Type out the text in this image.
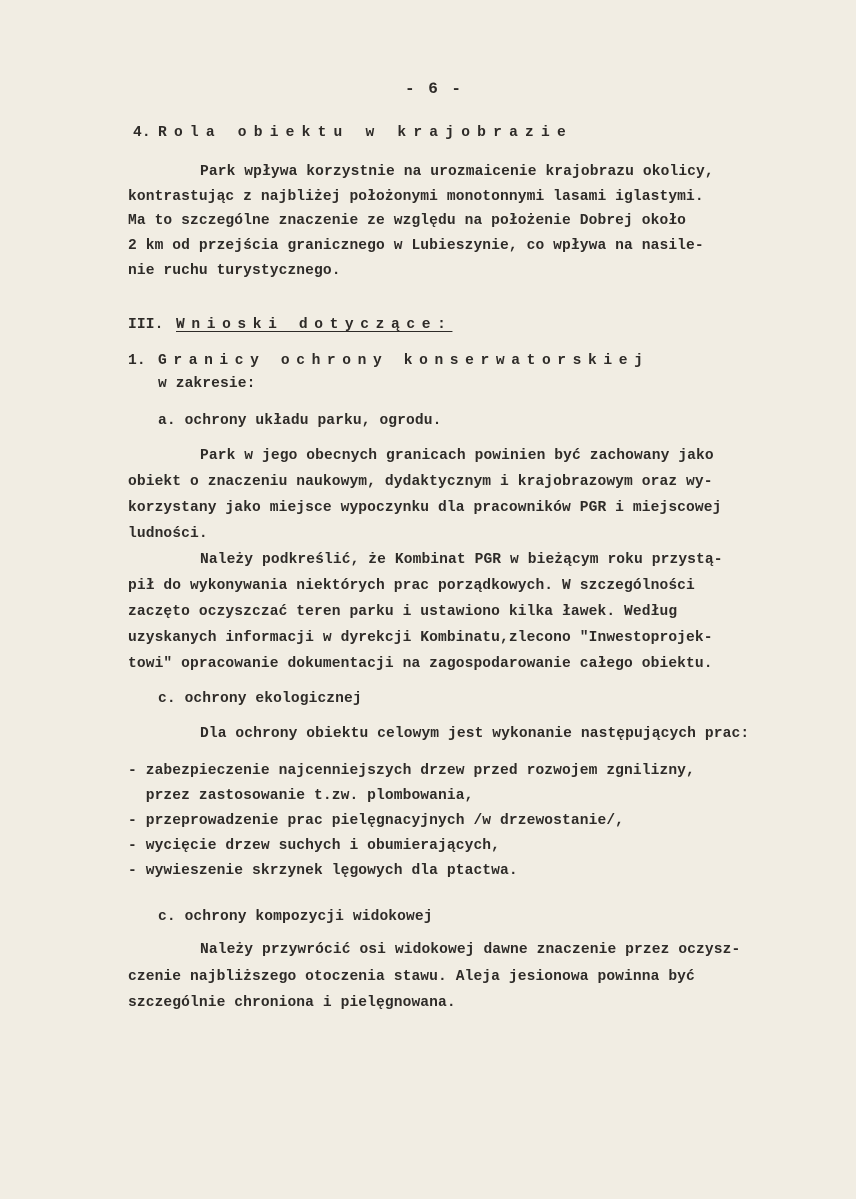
- 6 -
4. Rola obiektu w krajobrazie
Park wpływa korzystnie na urozmaicenie krajobrazu okolicy,
kontrastując z najbliżej położonymi monotonnymi lasami iglastymi.
Ma to szczególne znaczenie ze względu na położenie Dobrej około
2 km od przejścia granicznego w Lubieszynie, co wpływa na nasile-
nie ruchu turystycznego.
III. Wnioski dotyczące:
1. Granicy ochrony konserwatorskiej
w zakresie:
a. ochrony układu parku, ogrodu.
Park w jego obecnych granicach powinien być zachowany jako
obiekt o znaczeniu naukowym, dydaktycznym i krajobrazowym oraz wy-
korzystany jako miejsce wypoczynku dla pracowników PGR i miejscowej
ludności.
Należy podkreślić, że Kombinat PGR w bieżącym roku przystą-
pił do wykonywania niektórych prac porządkowych. W szczególności
zaczęto oczyszczać teren parku i ustawiono kilka ławek. Według
uzyskanych informacji w dyrekcji Kombinatu,zlecono "Inwestoprojek-
towi" opracowanie dokumentacji na zagospodarowanie całego obiektu.
c. ochrony ekologicznej
Dla ochrony obiektu celowym jest wykonanie następujących prac:
- zabezpieczenie najcenniejszych drzew przed rozwojem zgnilizny,
przez zastosowanie t.zw. plombowania,
- przeprowadzenie prac pielęgnacyjnych /w drzewostanie/,
- wycięcie drzew suchych i obumierających,
- wywieszenie skrzynek lęgowych dla ptactwa.
c. ochrony kompozycji widokowej
Należy przywrócić osi widokowej dawne znaczenie przez oczysz-
czenie najbliższego otoczenia stawu. Aleja jesionowa powinna być
szczególnie chroniona i pielęgnowana.
